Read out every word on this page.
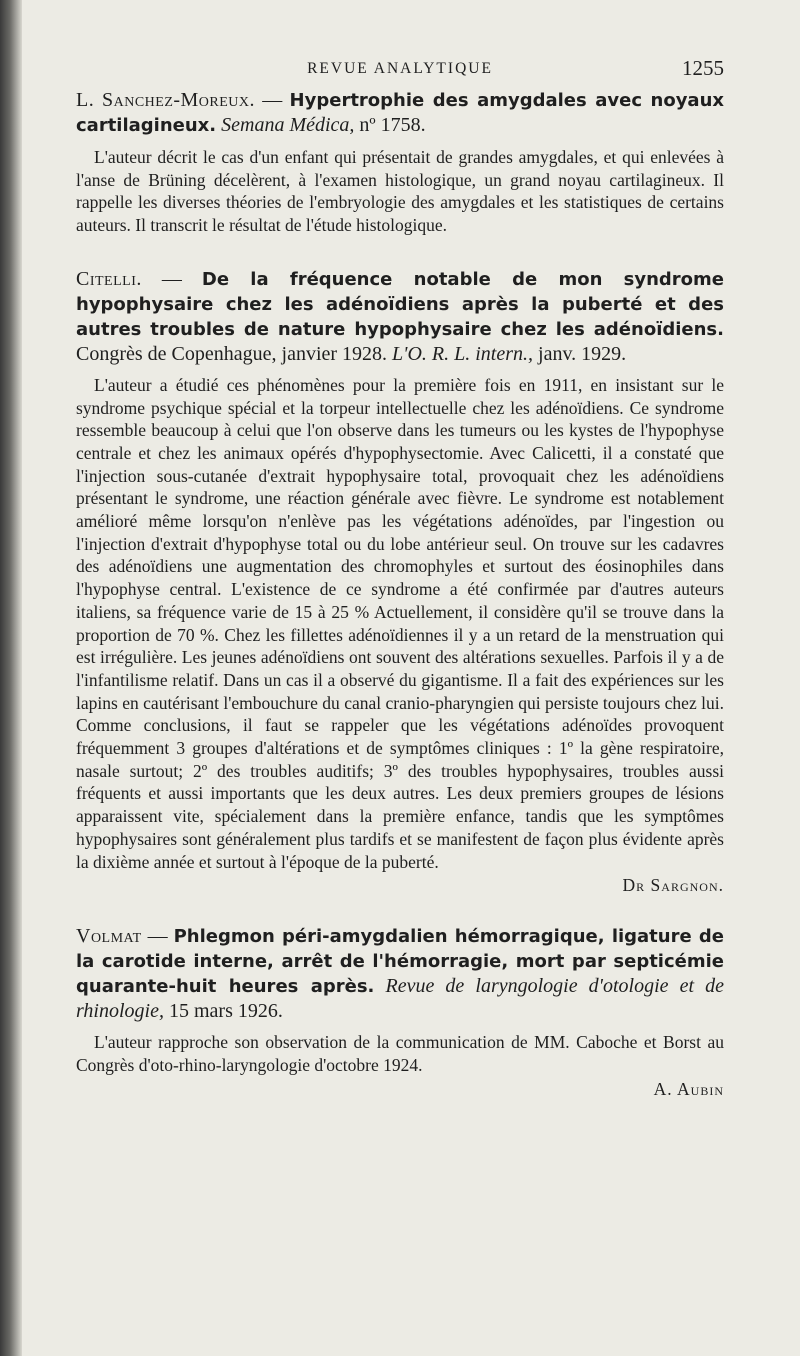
REVUE ANALYTIQUE	1255

L. Sanchez-Moreux. — Hypertrophie des amygdales avec noyaux cartilagineux. Semana Médica, nº 1758.

L'auteur décrit le cas d'un enfant qui présentait de grandes amygdales, et qui enlevées à l'anse de Brüning décelèrent, à l'examen histologique, un grand noyau cartilagineux. Il rappelle les diverses théories de l'embryologie des amygdales et les statistiques de certains auteurs. Il transcrit le résultat de l'étude histologique.

Citelli. — De la fréquence notable de mon syndrome hypophysaire chez les adénoïdiens après la puberté et des autres troubles de nature hypophysaire chez les adénoïdiens. Congrès de Copenhague, janvier 1928. L'O. R. L. intern., janv. 1929.

L'auteur a étudié ces phénomènes pour la première fois en 1911, en insistant sur le syndrome psychique spécial et la torpeur intellectuelle chez les adénoïdiens. Ce syndrome ressemble beaucoup à celui que l'on observe dans les tumeurs ou les kystes de l'hypophyse centrale et chez les animaux opérés d'hypophysectomie. Avec Calicetti, il a constaté que l'injection sous-cutanée d'extrait hypophysaire total, provoquait chez les adénoïdiens présentant le syndrome, une réaction générale avec fièvre. Le syndrome est notablement amélioré même lorsqu'on n'enlève pas les végétations adénoïdes, par l'ingestion ou l'injection d'extrait d'hypophyse total ou du lobe antérieur seul. On trouve sur les cadavres des adénoïdiens une augmentation des chromophyles et surtout des éosinophiles dans l'hypophyse central. L'existence de ce syndrome a été confirmée par d'autres auteurs italiens, sa fréquence varie de 15 à 25 % Actuellement, il considère qu'il se trouve dans la proportion de 70 %. Chez les fillettes adénoïdiennes il y a un retard de la menstruation qui est irrégulière. Les jeunes adénoïdiens ont souvent des altérations sexuelles. Parfois il y a de l'infantilisme relatif. Dans un cas il a observé du gigantisme. Il a fait des expériences sur les lapins en cautérisant l'embouchure du canal cranio-pharyngien qui persiste toujours chez lui. Comme conclusions, il faut se rappeler que les végétations adénoïdes provoquent fréquemment 3 groupes d'altérations et de symptômes cliniques : 1º la gène respiratoire, nasale surtout; 2º des troubles auditifs; 3º des troubles hypophysaires, troubles aussi fréquents et aussi importants que les deux autres. Les deux premiers groupes de lésions apparaissent vite, spécialement dans la première enfance, tandis que les symptômes hypophysaires sont généralement plus tardifs et se manifestent de façon plus évidente après la dixième année et surtout à l'époque de la puberté.

Dr Sargnon.

Volmat — Phlegmon péri-amygdalien hémorragique, ligature de la carotide interne, arrêt de l'hémorragie, mort par septicémie quarante-huit heures après. Revue de laryngologie d'otologie et de rhinologie, 15 mars 1926.

L'auteur rapproche son observation de la communication de MM. Caboche et Borst au Congrès d'oto-rhino-laryngologie d'octobre 1924.

A. Aubin
